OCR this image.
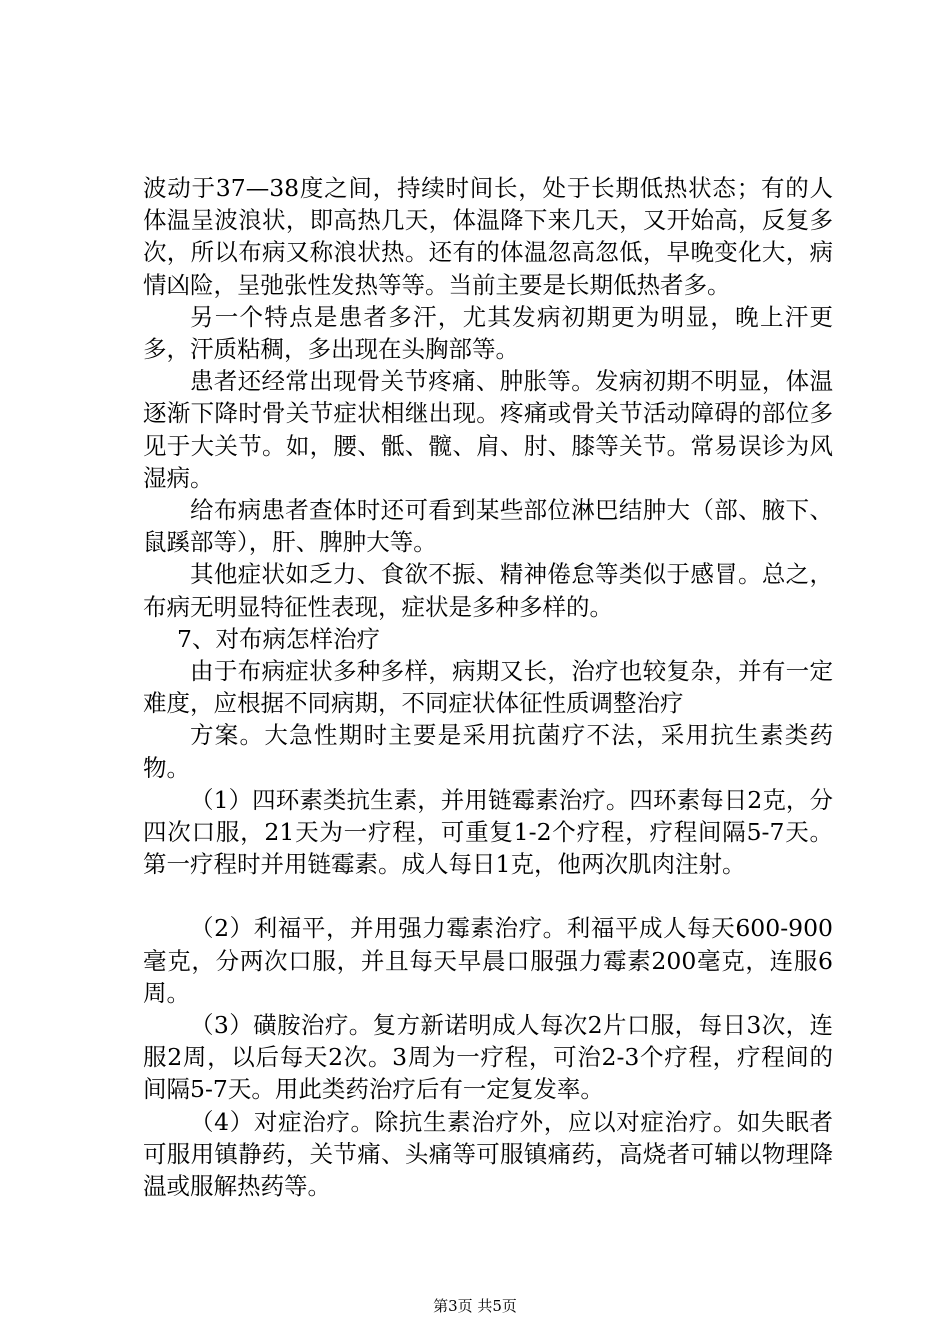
波动于37—38度之间，持续时间长，处于长期低热状态；有的人体温呈波浪状，即高热几天，体温降下来几天，又开始高，反复多次，所以布病又称浪状热。还有的体温忽高忽低，早晚变化大，病情凶险，呈弛张性发热等等。当前主要是长期低热者多。

另一个特点是患者多汗，尤其发病初期更为明显，晚上汗更多，汗质粘稠，多出现在头胸部等。

患者还经常出现骨关节疼痛、肿胀等。发病初期不明显，体温逐渐下降时骨关节症状相继出现。疼痛或骨关节活动障碍的部位多见于大关节。如，腰、骶、髋、肩、肘、膝等关节。常易误诊为风湿病。

给布病患者查体时还可看到某些部位淋巴结肿大（部、腋下、鼠蹊部等），肝、脾肿大等。

其他症状如乏力、食欲不振、精神倦怠等类似于感冒。总之，布病无明显特征性表现，症状是多种多样的。

7、对布病怎样治疗

由于布病症状多种多样，病期又长，治疗也较复杂，并有一定难度，应根据不同病期，不同症状体征性质调整治疗

方案。大急性期时主要是采用抗菌疗不法，采用抗生素类药物。

（1）四环素类抗生素，并用链霉素治疗。四环素每日2克，分四次口服，21天为一疗程，可重复1-2个疗程，疗程间隔5-7天。第一疗程时并用链霉素。成人每日1克，他两次肌肉注射。

（2）利福平，并用强力霉素治疗。利福平成人每天600-900毫克，分两次口服，并且每天早晨口服强力霉素200毫克，连服6周。

（3）磺胺治疗。复方新诺明成人每次2片口服，每日3次，连服2周，以后每天2次。3周为一疗程，可治2-3个疗程，疗程间的间隔5-7天。用此类药治疗后有一定复发率。

（4）对症治疗。除抗生素治疗外，应以对症治疗。如失眠者可服用镇静药，关节痛、头痛等可服镇痛药，高烧者可辅以物理降温或服解热药等。

第3页 共5页
